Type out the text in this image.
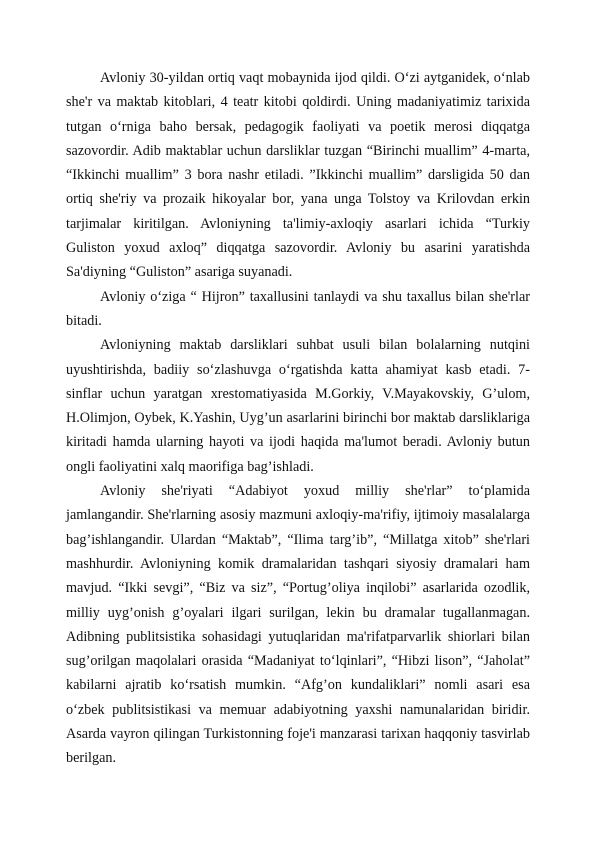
Avloniy 30-yildan ortiq vaqt mobaynida ijod qildi. O‘zi aytganidek, o‘nlab she'r va maktab kitoblari, 4 teatr kitobi qoldirdi. Uning madaniyatimiz tarixida tutgan o‘rniga baho bersak, pedagogik faoliyati va poetik merosi diqqatga sazovordir. Adib maktablar uchun darsliklar tuzgan “Birinchi muallim” 4-marta, “Ikkinchi muallim” 3 bora nashr etiladi. ”Ikkinchi muallim” darsligida 50 dan ortiq she'riy va prozaik hikoyalar bor, yana unga Tolstoy va Krilovdan erkin tarjimalar kiritilgan. Avloniyning ta'limiy-axloqiy asarlari ichida “Turkiy Guliston yoxud axloq” diqqatga sazovordir. Avloniy bu asarini yaratishda Sa'diyning “Guliston” asariga suyanadi.

Avloniy o‘ziga “ Hijron” taxallusini tanlaydi va shu taxallus bilan she'rlar bitadi.

Avloniyning maktab darsliklari suhbat usuli bilan bolalarning nutqini uyushtirishda, badiiy so‘zlashuvga o‘rgatishda katta ahamiyat kasb etadi. 7-sinflar uchun yaratgan xrestomatiyasida M.Gorkiy, V.Mayakovskiy, G’ulom, H.Olimjon, Oybek, K.Yashin, Uyg’un asarlarini birinchi bor maktab darsliklariga kiritadi hamda ularning hayoti va ijodi haqida ma'lumot beradi. Avloniy butun ongli faoliyatini xalq maorifiga bag’ishladi.

Avloniy she'riyati “Adabiyot yoxud milliy she'rlar” to‘plamida jamlangandir. She'rlarning asosiy mazmuni axloqiy-ma'rifiy, ijtimoiy masalalarga bag’ishlangandir. Ulardan “Maktab”, “Ilima targ’ib”, “Millatga xitob” she'rlari mashhurdir. Avloniyning komik dramalaridan tashqari siyosiy dramalari ham mavjud. “Ikki sevgi”, “Biz va siz”, “Portug’oliya inqilobi” asarlarida ozodlik, milliy uyg’onish g’oyalari ilgari surilgan, lekin bu dramalar tugallanmagan. Adibning publitsistika sohasidagi yutuqlaridan ma'rifatparvarlik shiorlari bilan sug’orilgan maqolalari orasida “Madaniyat to‘lqinlari”, “Hibzi lison”, “Jaholat” kabilarni ajratib ko‘rsatish mumkin. “Afg’on kundaliklari” nomli asari esa o‘zbek publitsistikasi va memuar adabiyotning yaxshi namunalaridan biridir. Asarda vayron qilingan Turkistonning foje'i manzarasi tarixan haqqoniy tasvirlab berilgan.
